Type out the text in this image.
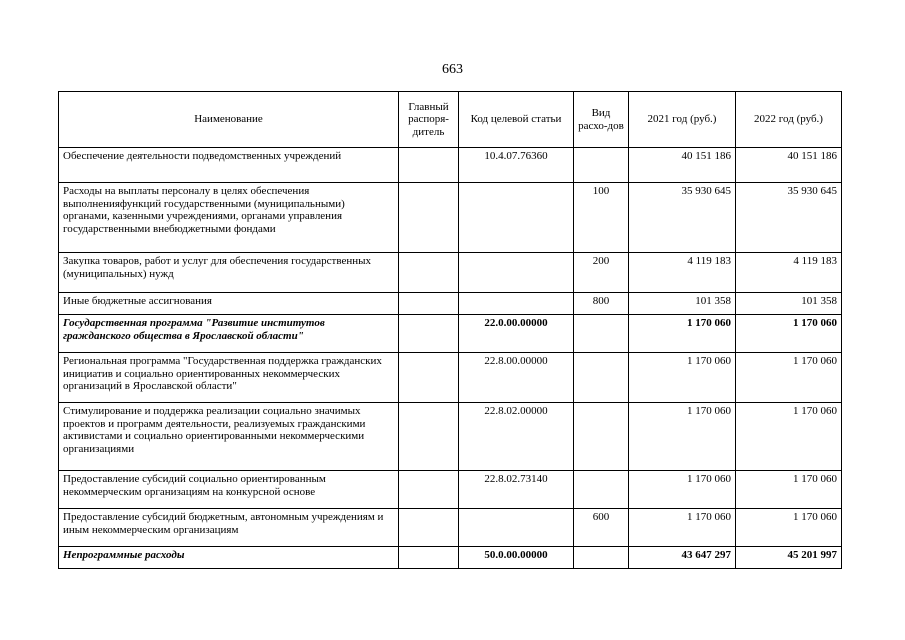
663
Наименование	Главный распоря-дитель	Код целевой статьи	Вид расхо-дов	2021 год (руб.)	2022 год (руб.)
Обеспечение деятельности подведомственных учреждений		10.4.07.76360		40 151 186	40 151 186
Расходы на выплаты персоналу в целях обеспечения выполненияфункций государственными (муниципальными) органами, казенными учреждениями, органами управления государственными внебюджетными фондами			100	35 930 645	35 930 645
Закупка товаров, работ и услуг для обеспечения государственных (муниципальных) нужд			200	4 119 183	4 119 183
Иные бюджетные ассигнования			800	101 358	101 358
Государственная программа "Развитие институтов гражданского общества в Ярославской области"		22.0.00.00000		1 170 060	1 170 060
Региональная программа "Государственная поддержка гражданских инициатив и социально ориентированных некоммерческих организаций в Ярославской области"		22.8.00.00000		1 170 060	1 170 060
Стимулирование и поддержка реализации социально значимых проектов и программ деятельности, реализуемых гражданскими активистами и социально ориентированными некоммерческими организациями		22.8.02.00000		1 170 060	1 170 060
Предоставление субсидий социально ориентированным некоммерческим организациям на конкурсной основе		22.8.02.73140		1 170 060	1 170 060
Предоставление субсидий бюджетным, автономным учреждениям и иным некоммерческим организациям			600	1 170 060	1 170 060
Непрограммные расходы		50.0.00.00000		43 647 297	45 201 997
